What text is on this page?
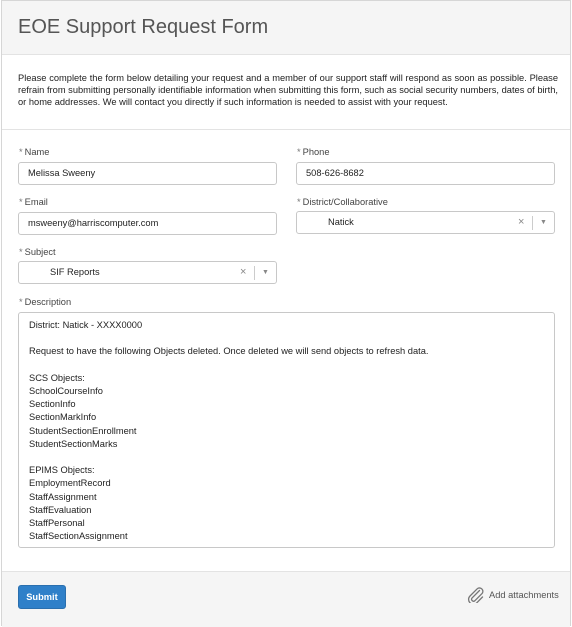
EOE Support Request Form
Please complete the form below detailing your request and a member of our support staff will respond as soon as possible. Please refrain from submitting personally identifiable information when submitting this form, such as social security numbers, dates of birth, or home addresses. We will contact you directly if such information is needed to assist with your request.
* Name
Melissa Sweeny
* Phone
508-626-8682
* Email
msweeny@harriscomputer.com
* District/Collaborative
Natick	× ▼
* Subject
SIF Reports	× ▼
* Description
District: Natick - XXXX0000

Request to have the following Objects deleted. Once deleted we will send objects to refresh data.

SCS Objects:
SchoolCourseInfo
SectionInfo
SectionMarkInfo
StudentSectionEnrollment
StudentSectionMarks

EPIMS Objects:
EmploymentRecord
StaffAssignment
StaffEvaluation
StaffPersonal
StaffSectionAssignment
Submit	Add attachments
